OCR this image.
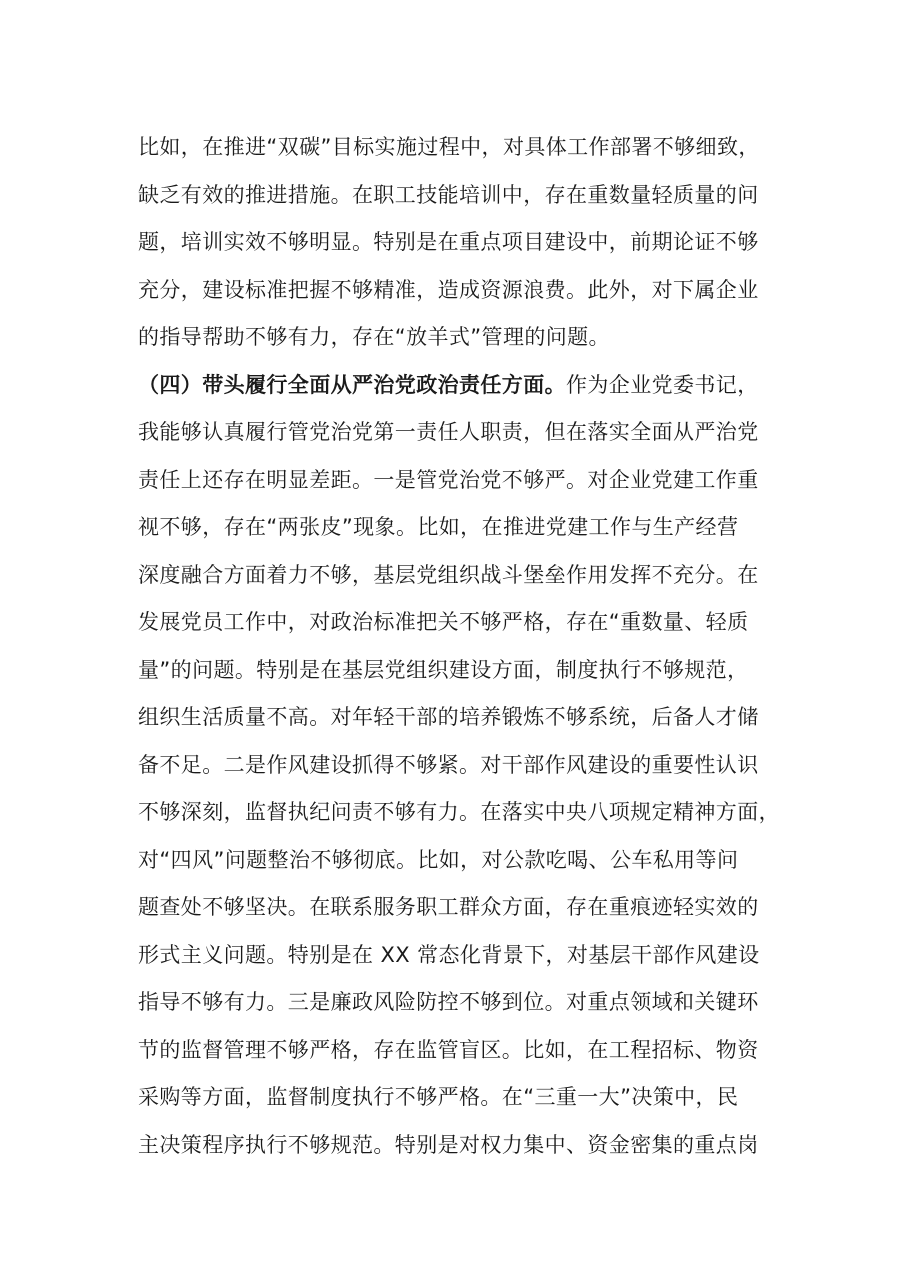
比如，在推进“双碳”目标实施过程中，对具体工作部署不够细致，
缺乏有效的推进措施。在职工技能培训中，存在重数量轻质量的问
题，培训实效不够明显。特别是在重点项目建设中，前期论证不够
充分，建设标准把握不够精准，造成资源浪费。此外，对下属企业
的指导帮助不够有力，存在“放羊式”管理的问题。
（四）带头履行全面从严治党政治责任方面。作为企业党委书记，
我能够认真履行管党治党第一责任人职责，但在落实全面从严治党
责任上还存在明显差距。一是管党治党不够严。对企业党建工作重
视不够，存在“两张皮”现象。比如，在推进党建工作与生产经营
深度融合方面着力不够，基层党组织战斗堡垒作用发挥不充分。在
发展党员工作中，对政治标准把关不够严格，存在“重数量、轻质
量”的问题。特别是在基层党组织建设方面，制度执行不够规范，
组织生活质量不高。对年轻干部的培养锻炼不够系统，后备人才储
备不足。二是作风建设抓得不够紧。对干部作风建设的重要性认识
不够深刻，监督执纪问责不够有力。在落实中央八项规定精神方面，
对“四风”问题整治不够彻底。比如，对公款吃喝、公车私用等问
题查处不够坚决。在联系服务职工群众方面，存在重痕迹轻实效的
形式主义问题。特别是在 XX 常态化背景下，对基层干部作风建设
指导不够有力。三是廉政风险防控不够到位。对重点领域和关键环
节的监督管理不够严格，存在监管盲区。比如，在工程招标、物资
采购等方面，监督制度执行不够严格。在“三重一大”决策中，民
主决策程序执行不够规范。特别是对权力集中、资金密集的重点岗
